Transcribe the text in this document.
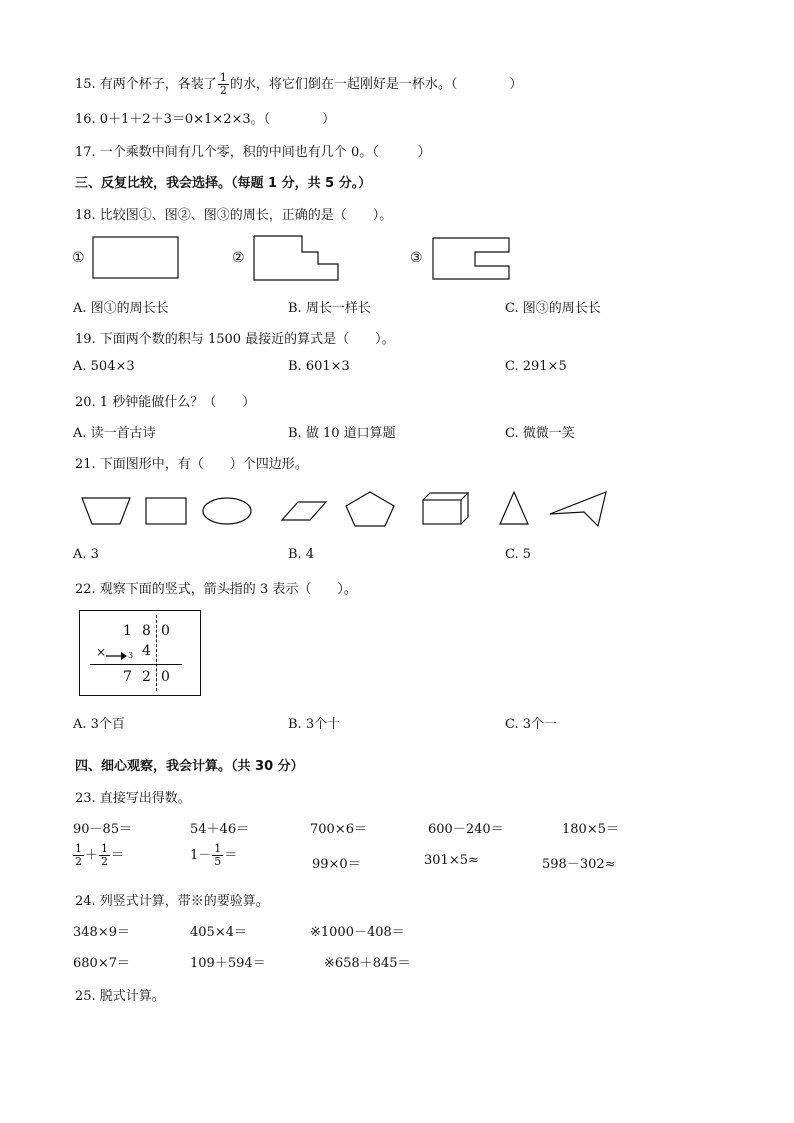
15. 有两个杯子，各装了 $\frac{1}{2}$ 的水，将它们倒在一起刚好是一杯水。（　　　　）
16. 0＋1＋2＋3＝0×1×2×3。（　　　　）
17. 一个乘数中间有几个零，积的中间也有几个 0。（　　　）
三、反复比较，我会选择。（每题 1 分，共 5 分。）
18. 比较图①、图②、图③的周长，正确的是（　　）。
①	②	③
A. 图①的周长长	B. 周长一样长	C. 图③的周长长
19. 下面两个数的积与 1500 最接近的算式是（　　）。
A. 504×3	B. 601×3	C. 291×5
20. 1 秒钟能做什么？（　　）
A. 读一首古诗	B. 做 10 道口算题	C. 微微一笑
21. 下面图形中，有（　　）个四边形。
A. 3	B. 4	C. 5
22. 观察下面的竖式，箭头指的 3 表示（　　）。
1 8 0
×	3 4
7 2 0
A. 3个百	B. 3个十	C. 3个一
四、细心观察，我会计算。（共 30 分）
23. 直接写出得数。
90－85＝	54＋46＝	700×6＝	600－240＝	180×5＝
$\frac{1}{2} + \frac{1}{2}$ ＝	$1- \frac{1}{5}$ ＝
99×0＝	301×5≈	598－302≈
24. 列竖式计算，带※的要验算。
348×9＝	405×4＝	※1000－408＝
680×7＝	109＋594＝	※658＋845＝
25. 脱式计算。
